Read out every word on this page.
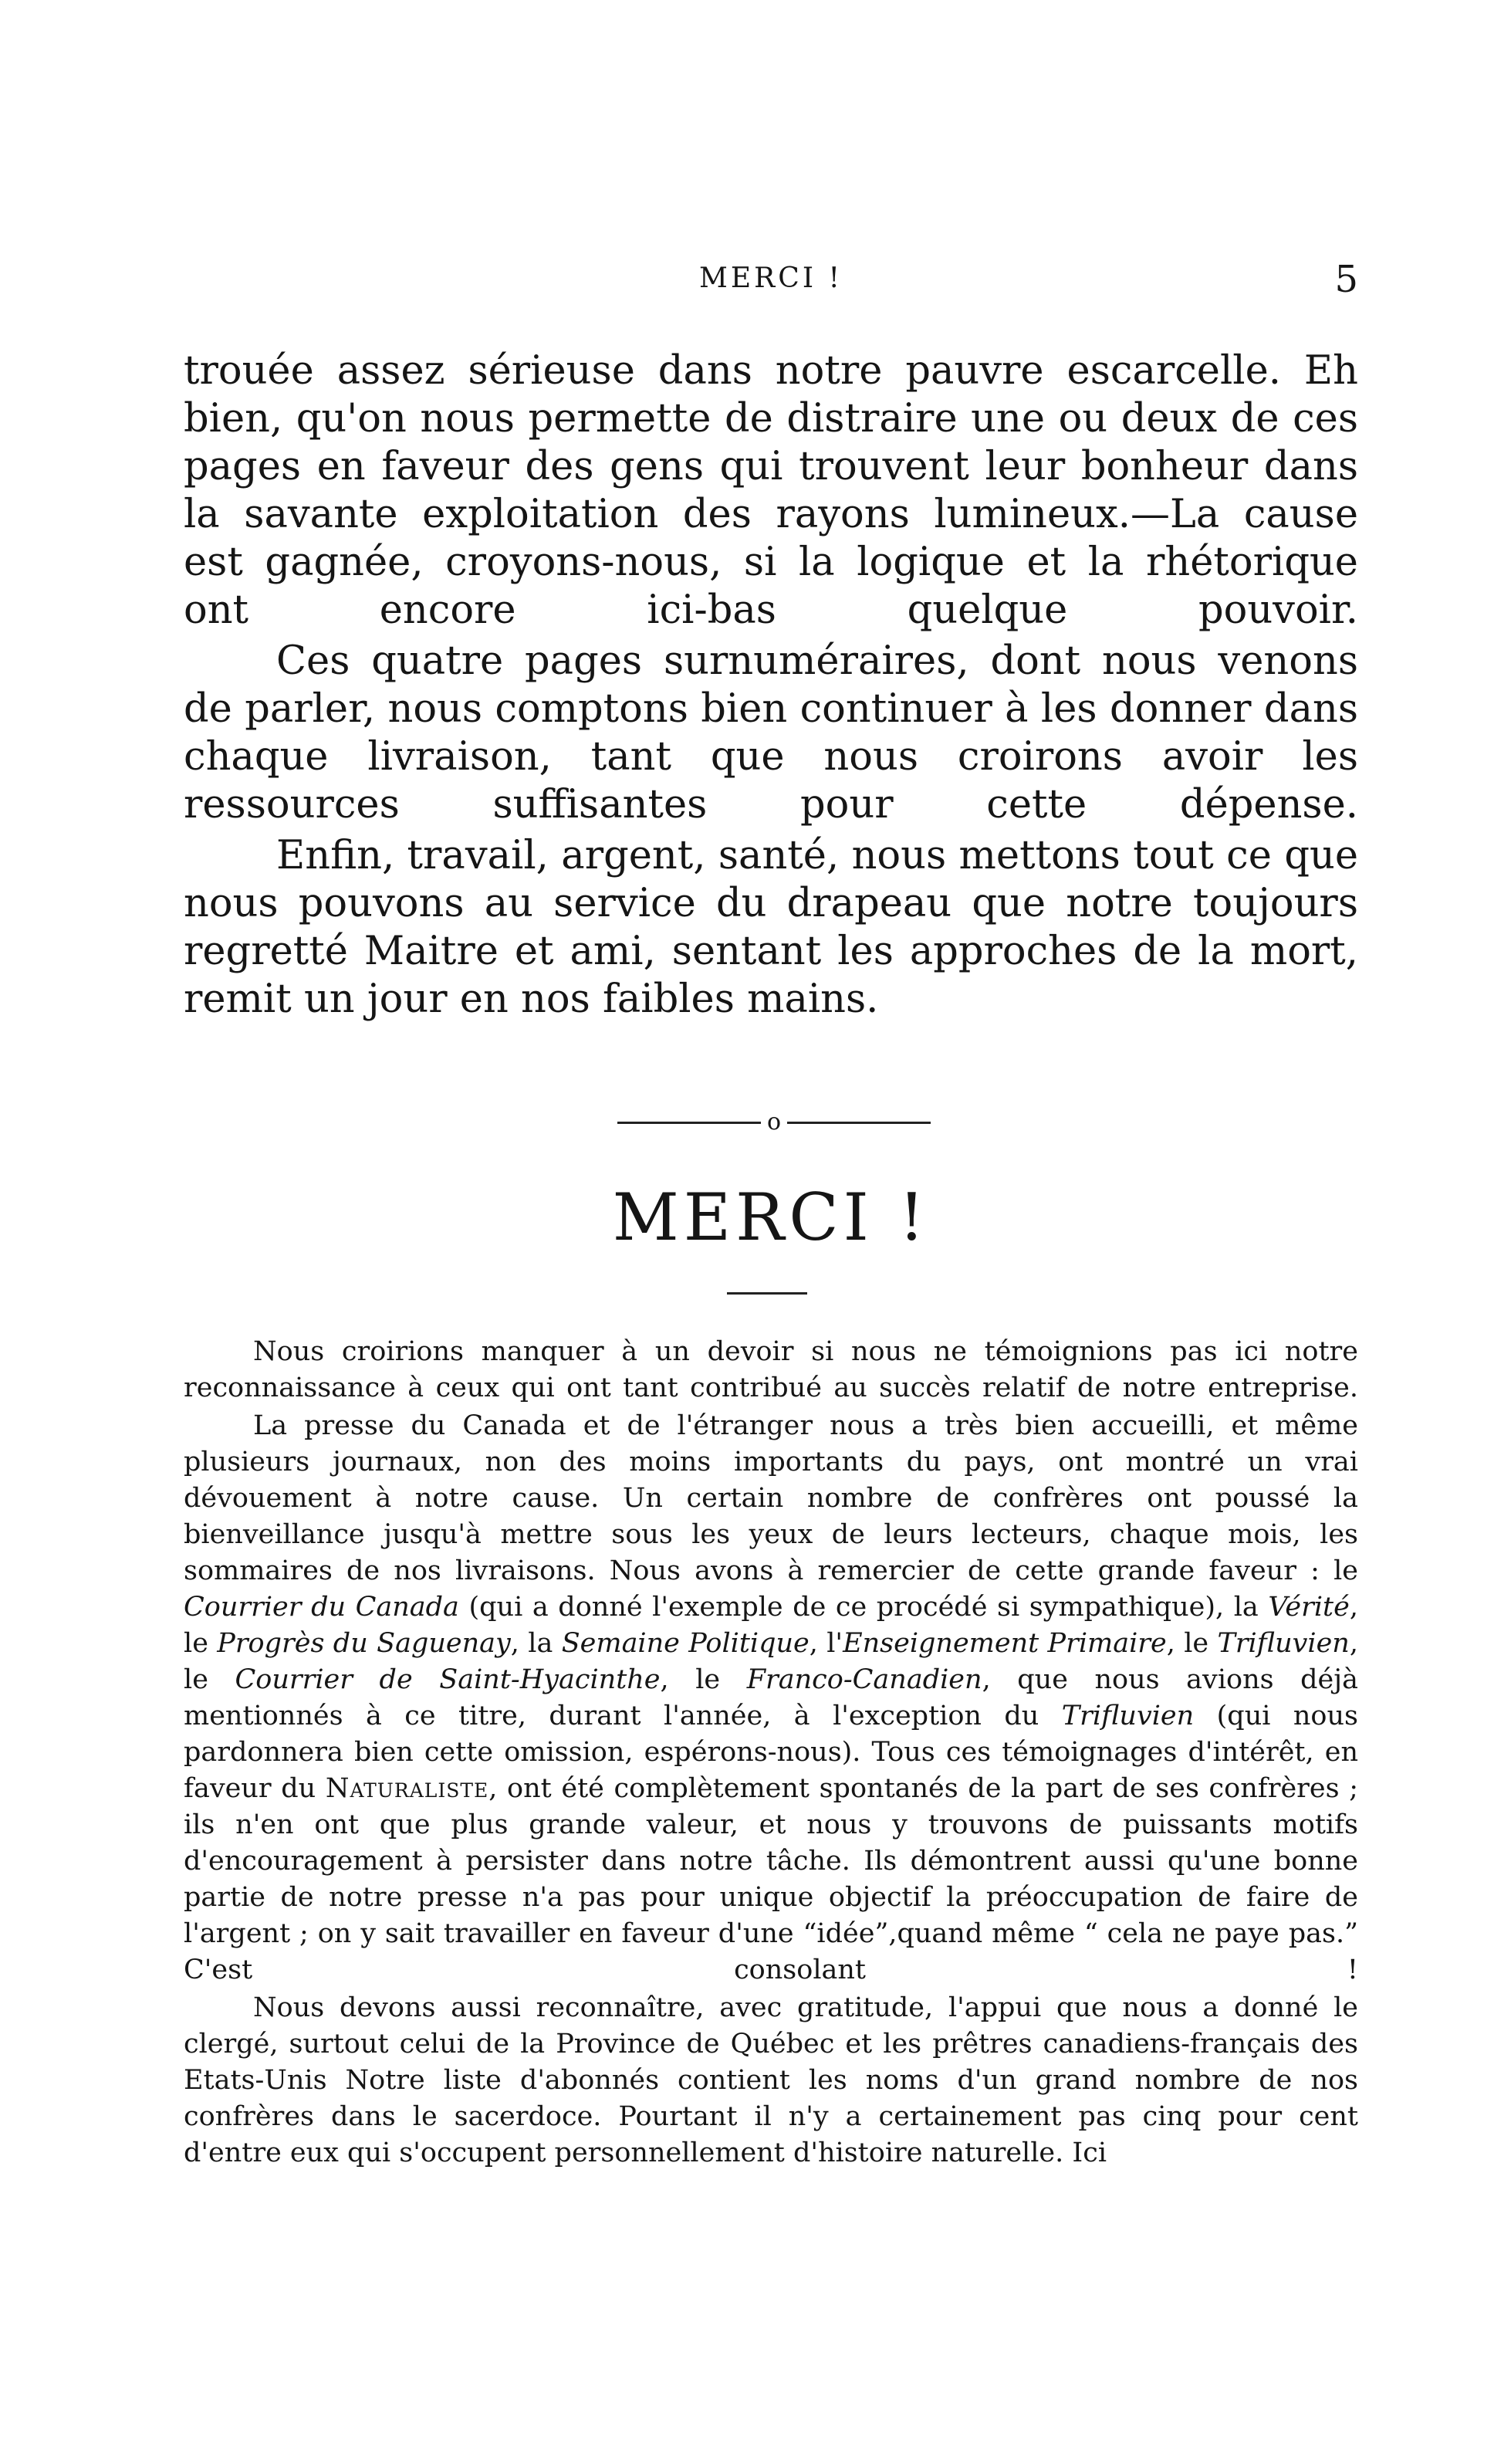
MERCI !	5

trouée assez sérieuse dans notre pauvre escarcelle. Eh bien, qu'on nous permette de distraire une ou deux de ces pages en faveur des gens qui trouvent leur bonheur dans la savante exploitation des rayons lumineux.—La cause est gagnée, croyons-nous, si la logique et la rhétorique ont encore ici-bas quelque pouvoir.

Ces quatre pages surnuméraires, dont nous venons de parler, nous comptons bien continuer à les donner dans chaque livraison, tant que nous croirons avoir les ressources suffisantes pour cette dépense.

Enfin, travail, argent, santé, nous mettons tout ce que nous pouvons au service du drapeau que notre toujours regretté Maitre et ami, sentant les approches de la mort, remit un jour en nos faibles mains.

o
MERCI !

Nous croirions manquer à un devoir si nous ne témoignions pas ici notre reconnaissance à ceux qui ont tant contribué au succès relatif de notre entreprise.

La presse du Canada et de l'étranger nous a très bien accueilli, et même plusieurs journaux, non des moins importants du pays, ont montré un vrai dévouement à notre cause. Un certain nombre de confrères ont poussé la bienveillance jusqu'à mettre sous les yeux de leurs lecteurs, chaque mois, les sommaires de nos livraisons. Nous avons à remercier de cette grande faveur : le Courrier du Canada (qui a donné l'exemple de ce procédé si sympathique), la Vérité, le Progrès du Saguenay, la Semaine Politique, l'Enseignement Primaire, le Trifluvien, le Courrier de Saint-Hyacinthe, le Franco-Canadien, que nous avions déjà mentionnés à ce titre, durant l'année, à l'exception du Trifluvien (qui nous pardonnera bien cette omission, espérons-nous). Tous ces témoignages d'intérêt, en faveur du Naturaliste, ont été complètement spontanés de la part de ses confrères ; ils n'en ont que plus grande valeur, et nous y trouvons de puissants motifs d'encouragement à persister dans notre tâche. Ils démontrent aussi qu'une bonne partie de notre presse n'a pas pour unique objectif la préoccupation de faire de l'argent ; on y sait travailler en faveur d'une “idée”,quand même “ cela ne paye pas.” C'est consolant !

Nous devons aussi reconnaître, avec gratitude, l'appui que nous a donné le clergé, surtout celui de la Province de Québec et les prêtres canadiens-français des Etats-Unis Notre liste d'abonnés contient les noms d'un grand nombre de nos confrères dans le sacerdoce. Pourtant il n'y a certainement pas cinq pour cent d'entre eux qui s'occupent personnellement d'histoire naturelle. Ici
